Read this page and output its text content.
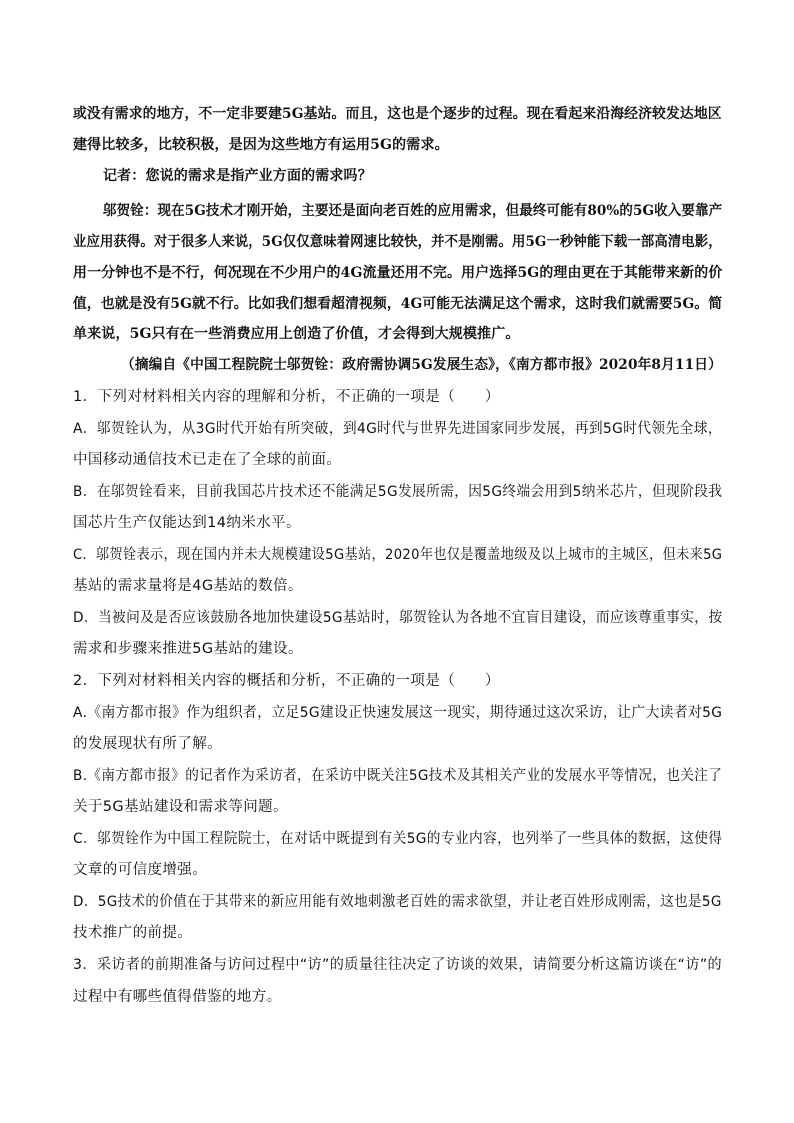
或没有需求的地方，不一定非要建5G基站。而且，这也是个逐步的过程。现在看起来沿海经济较发达地区
建得比较多，比较积极，是因为这些地方有运用5G的需求。
记者：您说的需求是指产业方面的需求吗？
邬贺铨：现在5G技术才刚开始，主要还是面向老百姓的应用需求，但最终可能有80%的5G收入要靠产
业应用获得。对于很多人来说，5G仅仅意味着网速比较快，并不是刚需。用5G一秒钟能下载一部高清电影，
用一分钟也不是不行，何况现在不少用户的4G流量还用不完。用户选择5G的理由更在于其能带来新的价
值，也就是没有5G就不行。比如我们想看超清视频，4G可能无法满足这个需求，这时我们就需要5G。简
单来说，5G只有在一些消费应用上创造了价值，才会得到大规模推广。
（摘编自《中国工程院院士邬贺铨：政府需协调5G发展生态》，《南方都市报》2020年8月11日）
1．下列对材料相关内容的理解和分析，不正确的一项是（　　）
A．邬贺铨认为，从3G时代开始有所突破，到4G时代与世界先进国家同步发展，再到5G时代领先全球，
中国移动通信技术已走在了全球的前面。
B．在邬贺铨看来，目前我国芯片技术还不能满足5G发展所需，因5G终端会用到5纳米芯片，但现阶段我
国芯片生产仅能达到14纳米水平。
C．邬贺铨表示，现在国内并未大规模建设5G基站，2020年也仅是覆盖地级及以上城市的主城区，但未来5G
基站的需求量将是4G基站的数倍。
D．当被问及是否应该鼓励各地加快建设5G基站时，邬贺铨认为各地不宜盲目建设，而应该尊重事实，按
需求和步骤来推进5G基站的建设。
2．下列对材料相关内容的概括和分析，不正确的一项是（　　）
A.《南方都市报》作为组织者，立足5G建设正快速发展这一现实，期待通过这次采访，让广大读者对5G
的发展现状有所了解。
B.《南方都市报》的记者作为采访者，在采访中既关注5G技术及其相关产业的发展水平等情况，也关注了
关于5G基站建设和需求等问题。
C．邬贺铨作为中国工程院院士，在对话中既提到有关5G的专业内容，也列举了一些具体的数据，这使得
文章的可信度增强。
D．5G技术的价值在于其带来的新应用能有效地刺激老百姓的需求欲望，并让老百姓形成刚需，这也是5G
技术推广的前提。
3．采访者的前期准备与访问过程中“访”的质量往往决定了访谈的效果，请简要分析这篇访谈在“访”的
过程中有哪些值得借鉴的地方。
